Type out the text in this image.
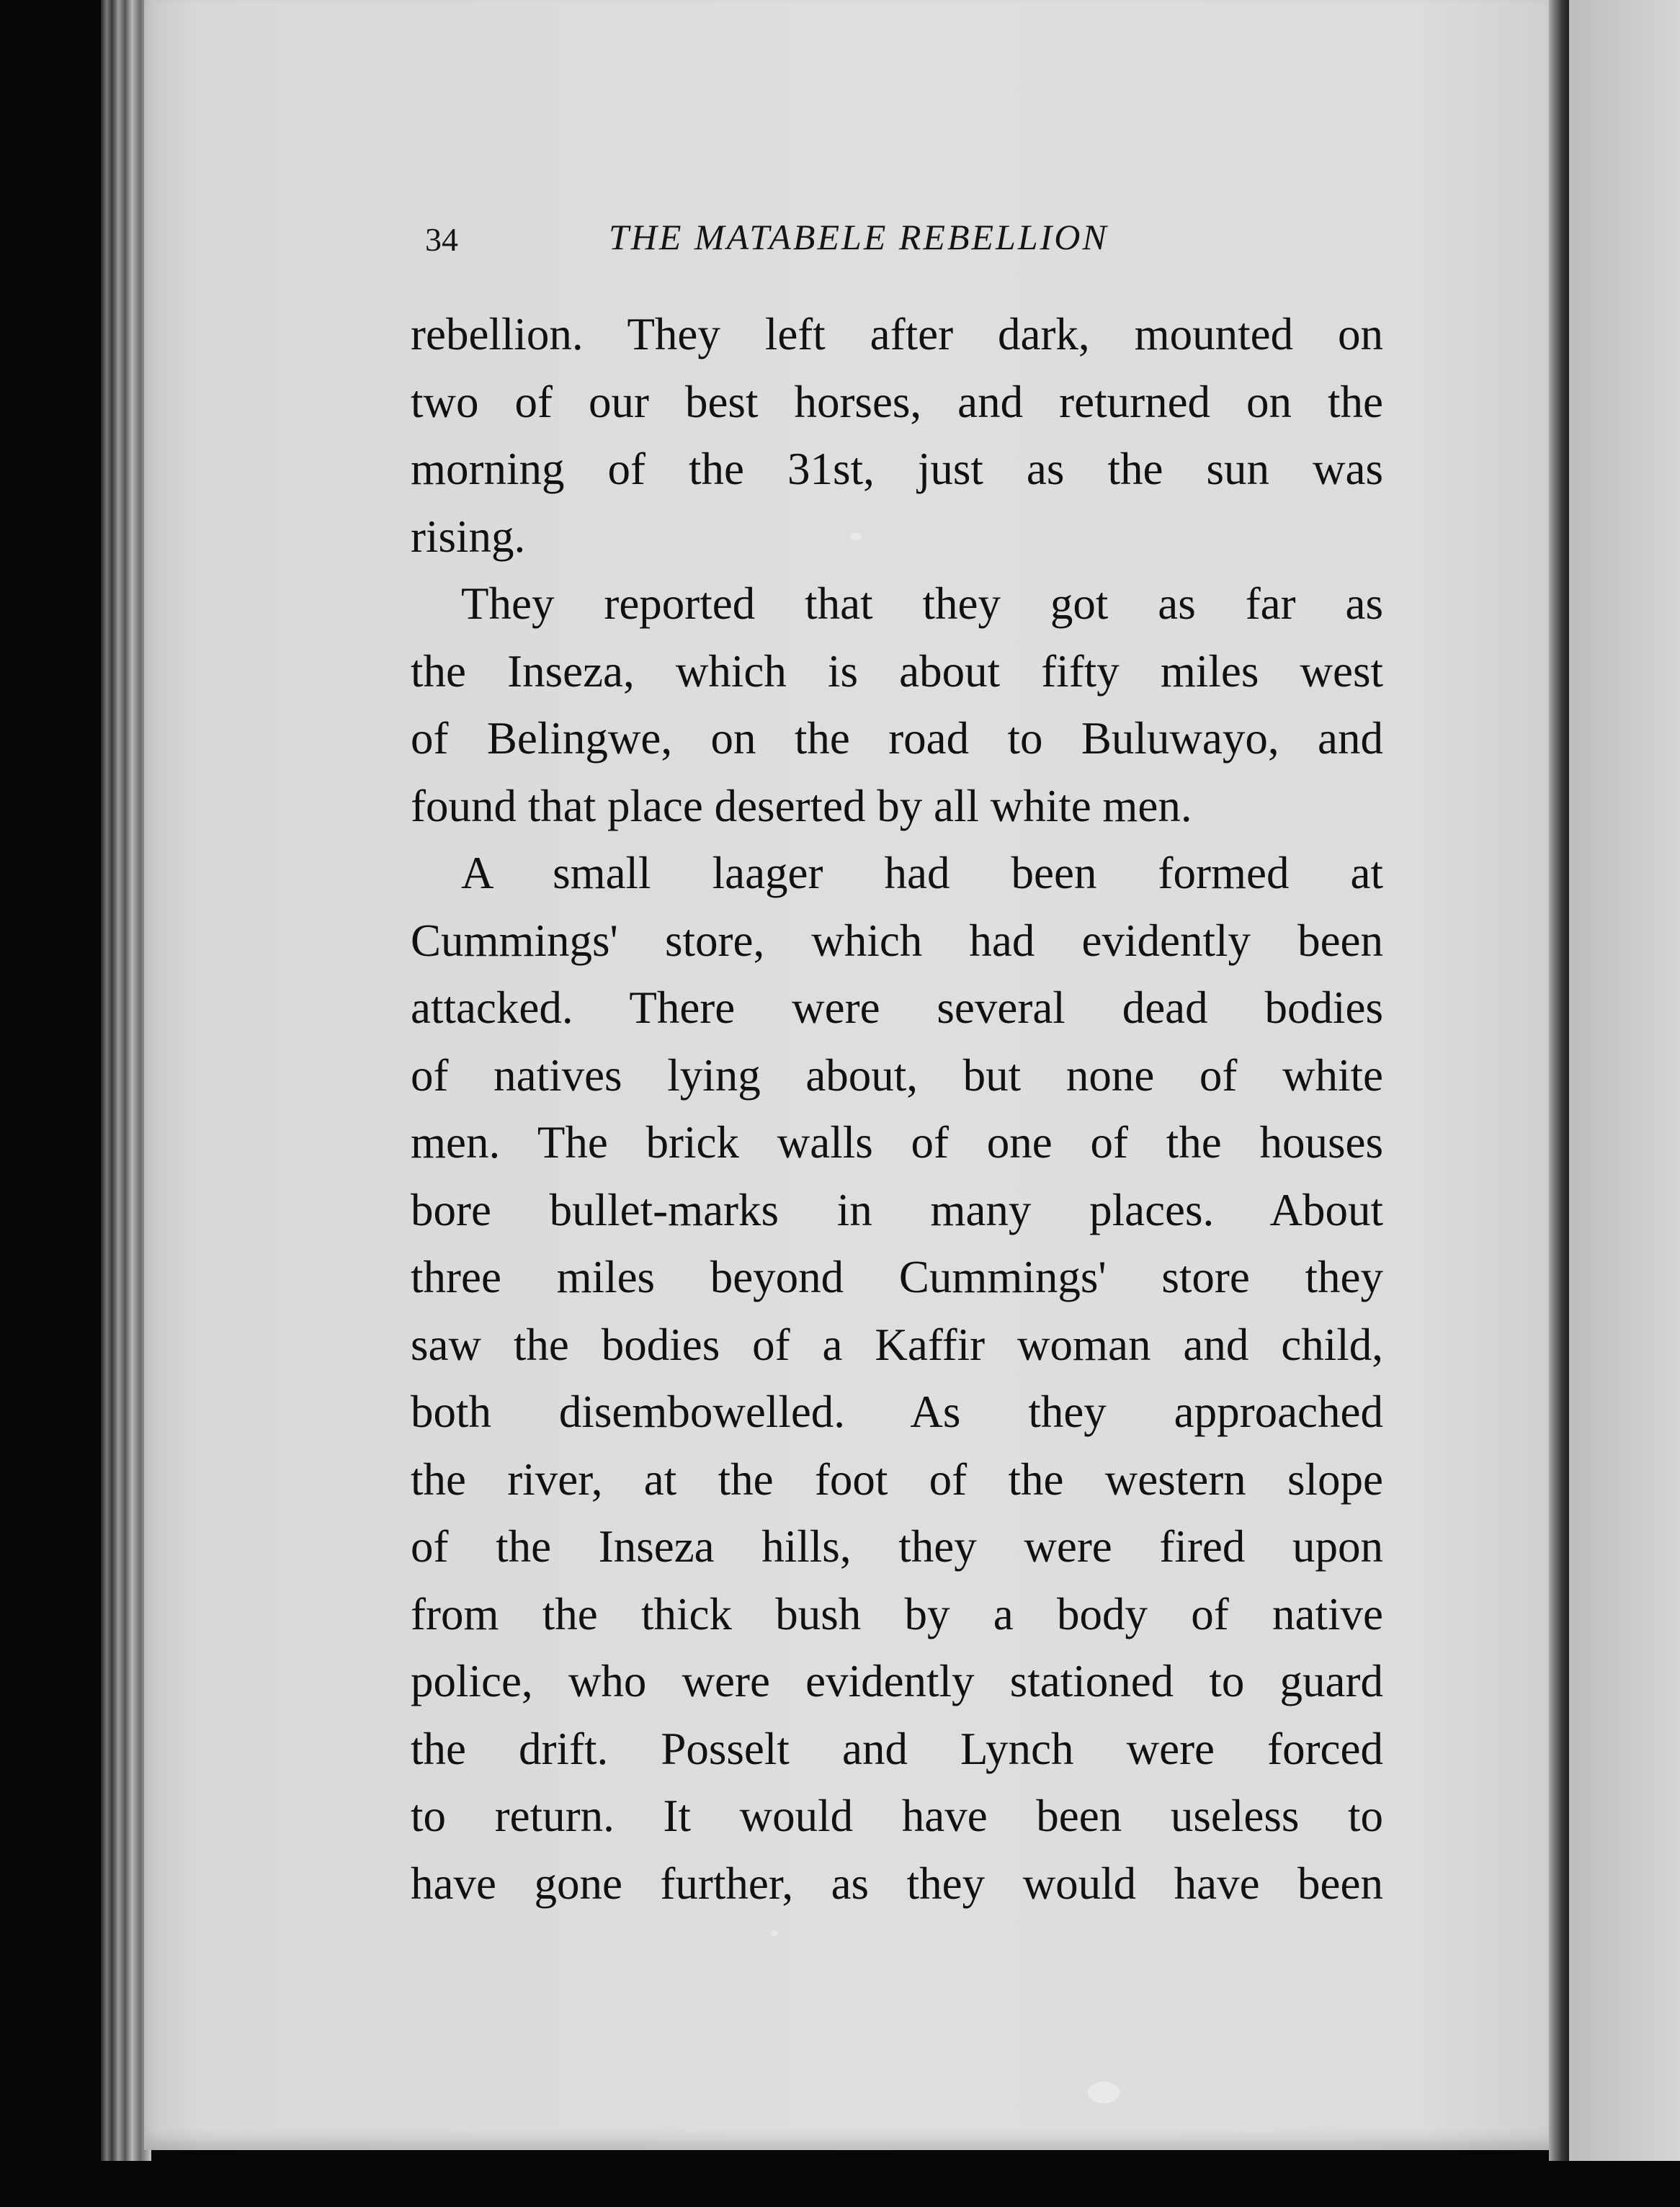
34	THE MATABELE REBELLION
rebellion. They left after dark, mounted on
two of our best horses, and returned on the
morning of the 31st, just as the sun was
rising.
They reported that they got as far as
the Inseza, which is about fifty miles west
of Belingwe, on the road to Buluwayo, and
found that place deserted by all white men.
A small laager had been formed at
Cummings' store, which had evidently been
attacked. There were several dead bodies
of natives lying about, but none of white
men. The brick walls of one of the houses
bore bullet-marks in many places. About
three miles beyond Cummings' store they
saw the bodies of a Kaffir woman and child,
both disembowelled. As they approached
the river, at the foot of the western slope
of the Inseza hills, they were fired upon
from the thick bush by a body of native
police, who were evidently stationed to guard
the drift. Posselt and Lynch were forced
to return. It would have been useless to
have gone further, as they would have been
